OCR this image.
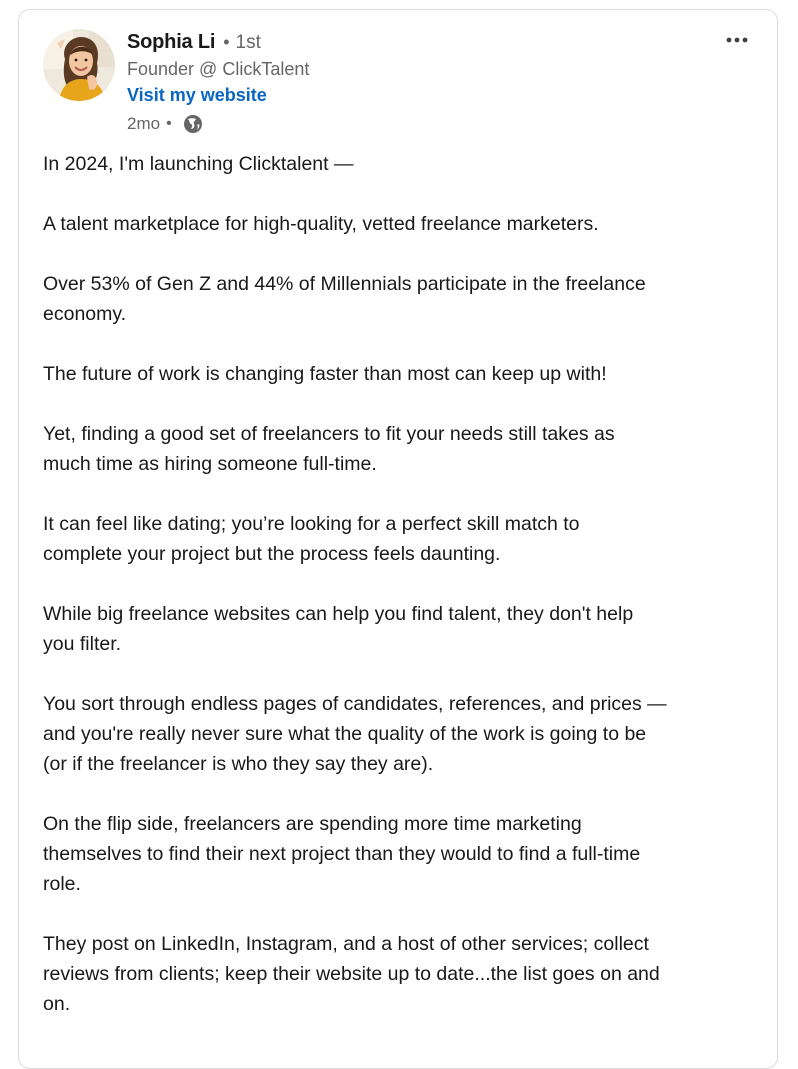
Sophia Li • 1st
Founder @ ClickTalent
Visit my website
2mo •

In 2024, I'm launching Clicktalent —

A talent marketplace for high-quality, vetted freelance marketers.

Over 53% of Gen Z and 44% of Millennials participate in the freelance
economy.

The future of work is changing faster than most can keep up with!

Yet, finding a good set of freelancers to fit your needs still takes as
much time as hiring someone full-time.

It can feel like dating; you’re looking for a perfect skill match to
complete your project but the process feels daunting.

While big freelance websites can help you find talent, they don't help
you filter.

You sort through endless pages of candidates, references, and prices —
and you're really never sure what the quality of the work is going to be
(or if the freelancer is who they say they are).

On the flip side, freelancers are spending more time marketing
themselves to find their next project than they would to find a full-time
role.

They post on LinkedIn, Instagram, and a host of other services; collect
reviews from clients; keep their website up to date...the list goes on and
on.
